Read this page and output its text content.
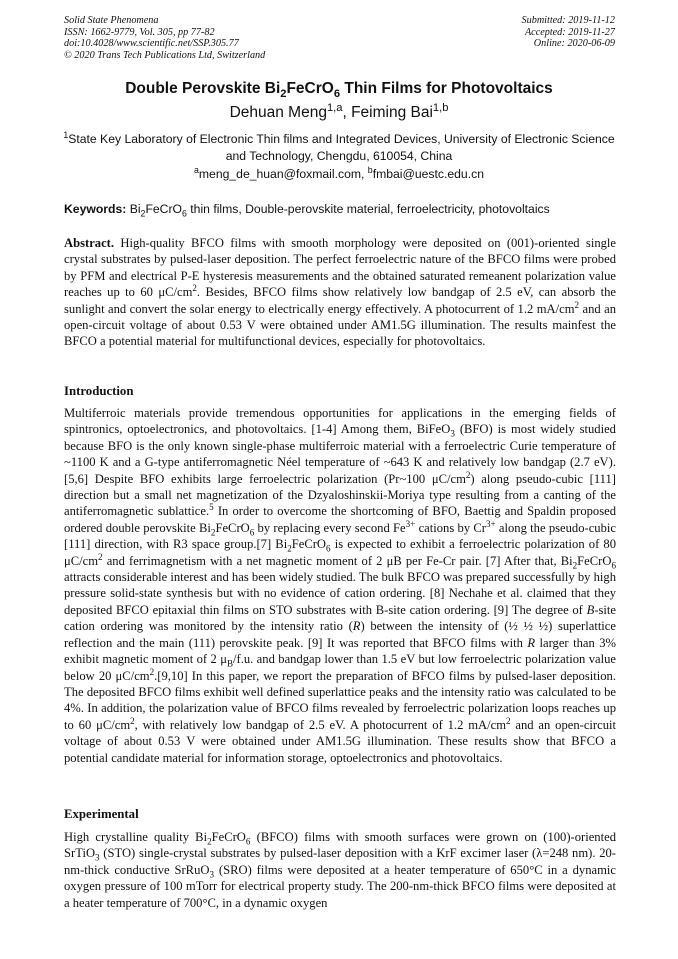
Solid State Phenomena
ISSN: 1662-9779, Vol. 305, pp 77-82
doi:10.4028/www.scientific.net/SSP.305.77
© 2020 Trans Tech Publications Ltd, Switzerland
Submitted: 2019-11-12
Accepted: 2019-11-27
Online: 2020-06-09
Double Perovskite $Bi_2FeCrO_6$ Thin Films for Photovoltaics
Dehuan Meng$^{1,a}$, Feiming Bai$^{1,b}$
$^1$State Key Laboratory of Electronic Thin films and Integrated Devices, University of Electronic Science and Technology, Chengdu, 610054, China
$^a$meng_de_huan@foxmail.com, $^b$fmbai@uestc.edu.cn
Keywords: $Bi_2FeCrO_6$ thin films, Double-perovskite material, ferroelectricity, photovoltaics
Abstract. High-quality BFCO films with smooth morphology were deposited on (001)-oriented single crystal substrates by pulsed-laser deposition. The perfect ferroelectric nature of the BFCO films were probed by PFM and electrical P-E hysteresis measurements and the obtained saturated remeanent polarization value reaches up to 60 $\mu C/cm^2$. Besides, BFCO films show relatively low bandgap of 2.5 eV, can absorb the sunlight and convert the solar energy to electrically energy effectively. A photocurrent of 1.2 $mA/cm^2$ and an open-circuit voltage of about 0.53 V were obtained under AM1.5G illumination. The results mainfest the BFCO a potential material for multifunctional devices, especially for photovoltaics.
Introduction
Multiferroic materials provide tremendous opportunities for applications in the emerging fields of spintronics, optoelectronics, and photovoltaics. [1-4] Among them, BiFeO$_3$ (BFO) is most widely studied because BFO is the only known single-phase multiferroic material with a ferroelectric Curie temperature of ~1100 K and a G-type antiferromagnetic Néel temperature of ~643 K and relatively low bandgap (2.7 eV). [5,6] Despite BFO exhibits large ferroelectric polarization (Pr~100 $\mu C/cm^2$) along pseudo-cubic [111] direction but a small net magnetization of the Dzyaloshinskii-Moriya type resulting from a canting of the antiferromagnetic sublattice.$^5$ In order to overcome the shortcoming of BFO, Baettig and Spaldin proposed ordered double perovskite $Bi_2FeCrO_6$ by replacing every second $Fe^{3+}$ cations by $Cr^{3+}$ along the pseudo-cubic [111] direction, with R3 space group.[7] $Bi_2FeCrO_6$ is expected to exhibit a ferroelectric polarization of 80 $\mu C/cm^2$ and ferrimagnetism with a net magnetic moment of 2 μB per Fe-Cr pair. [7] After that, $Bi_2FeCrO_6$ attracts considerable interest and has been widely studied. The bulk BFCO was prepared successfully by high pressure solid-state synthesis but with no evidence of cation ordering. [8] Nechahe et al. claimed that they deposited BFCO epitaxial thin films on STO substrates with B-site cation ordering. [9] The degree of B-site cation ordering was monitored by the intensity ratio (R) between the intensity of (½ ½ ½) superlattice reflection and the main (111) perovskite peak. [9] It was reported that BFCO films with R larger than 3% exhibit magnetic moment of 2 $\mu_B/f.u$. and bandgap lower than 1.5 eV but low ferroelectric polarization value below 20 $\mu C/cm^2.[9,10]$ In this paper, we report the preparation of BFCO films by pulsed-laser deposition. The deposited BFCO films exhibit well defined superlattice peaks and the intensity ratio was calculated to be 4%. In addition, the polarization value of BFCO films revealed by ferroelectric polarization loops reaches up to 60 $\mu C/cm^2$, with relatively low bandgap of 2.5 eV. A photocurrent of 1.2 $mA/cm^2$ and an open-circuit voltage of about 0.53 V were obtained under AM1.5G illumination. These results show that BFCO a potential candidate material for information storage, optoelectronics and photovoltaics.
Experimental
High crystalline quality $Bi_2FeCrO_6$ (BFCO) films with smooth surfaces were grown on (100)-oriented SrTiO$_3$ (STO) single-crystal substrates by pulsed-laser deposition with a KrF excimer laser (λ=248 nm). 20-nm-thick conductive SrRuO$_3$ (SRO) films were deposited at a heater temperature of 650°C in a dynamic oxygen pressure of 100 mTorr for electrical property study. The 200-nm-thick BFCO films were deposited at a heater temperature of 700°C, in a dynamic oxygen
